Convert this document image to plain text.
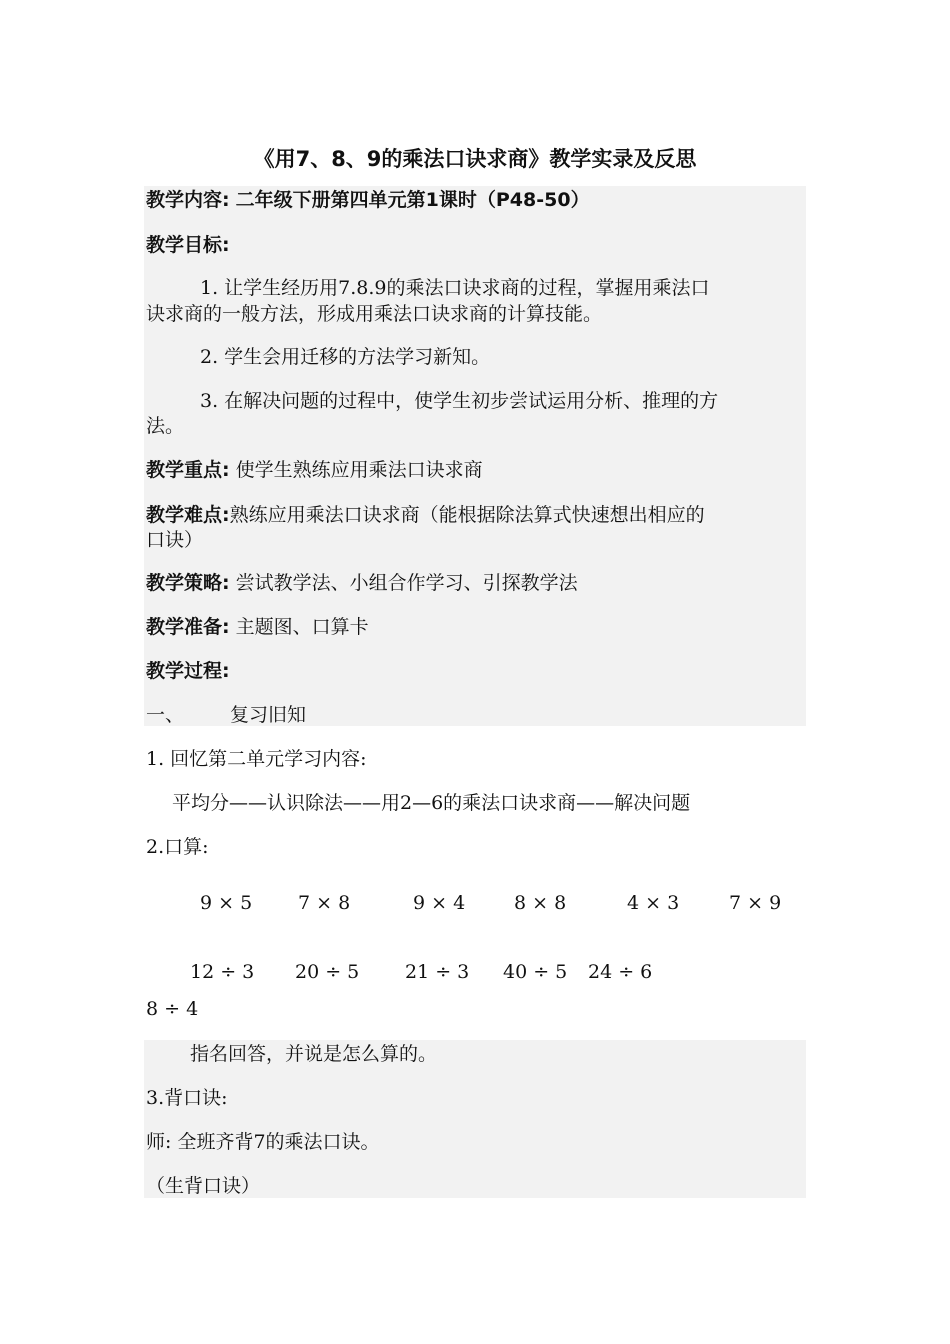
《用7、8、9的乘法口诀求商》教学实录及反思
教学内容: 二年级下册第四单元第1课时（P48-50）
教学目标:
1. 让学生经历用7.8.9的乘法口诀求商的过程，掌握用乘法口
诀求商的一般方法，形成用乘法口诀求商的计算技能。
2. 学生会用迁移的方法学习新知。
3. 在解决问题的过程中，使学生初步尝试运用分析、推理的方
法。
教学重点: 使学生熟练应用乘法口诀求商
教学难点:熟练应用乘法口诀求商（能根据除法算式快速想出相应的
口诀）
教学策略: 尝试教学法、小组合作学习、引探教学法
教学准备: 主题图、口算卡
教学过程:
一、 复习旧知
1. 回忆第二单元学习内容:
平均分——认识除法——用2—6的乘法口诀求商——解决问题
2.口算:
9 × 5 7 × 8	9 × 4	8 × 8	4 × 3	7 × 9
12 ÷ 3 20 ÷ 5 21 ÷ 3 40 ÷ 5 24 ÷ 6
8 ÷ 4
指名回答，并说是怎么算的。
3.背口诀:
师: 全班齐背7的乘法口诀。
（生背口诀）
